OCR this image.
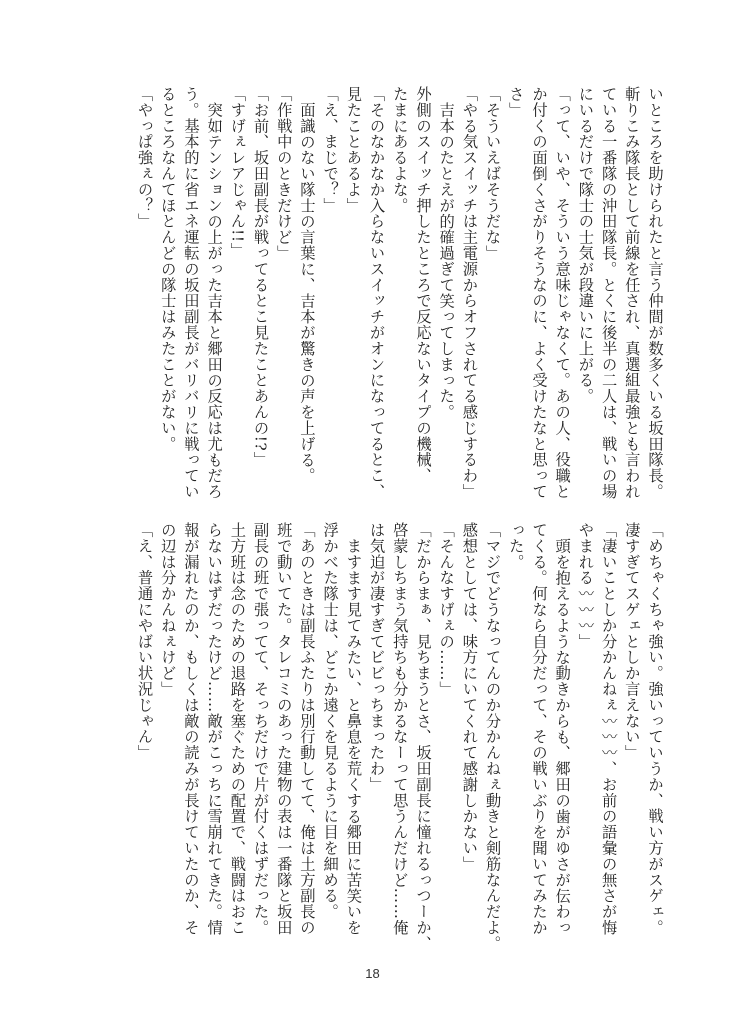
いところを助けられたと言う仲間が数多くいる坂田隊長。
斬りこみ隊長として前線を任され、真選組最強とも言われ
ている一番隊の沖田隊長。とくに後半の二人は、戦いの場
にいるだけで隊士の士気が段違いに上がる。
「って、いや、そういう意味じゃなくて。あの人、役職と
か付くの面倒くさがりそうなのに、よく受けたなと思って
さ」
「そういえばそうだな」
「やる気スイッチは主電源からオフされてる感じするわ」
吉本のたとえが的確過ぎて笑ってしまった。
外側のスイッチ押したところで反応ないタイプの機械、
たまにあるよな。
「そのなかなか入らないスイッチがオンになってるとこ、
見たことあるよ」
「え、まじで？」
面識のない隊士の言葉に、吉本が驚きの声を上げる。
「作戦中のときだけど」
「お前、坂田副長が戦ってるとこ見たことあんの!?」
「すげぇレアじゃん!!」
突如テンションの上がった吉本と郷田の反応は尤もだろ
う。基本的に省エネ運転の坂田副長がバリバリに戦ってい
るところなんてほとんどの隊士はみたことがない。
「やっぱ強ぇの？」
「めちゃくちゃ強い。強いっていうか、戦い方がスゲェ。
凄すぎてスゲェとしか言えない」
「凄いことしか分かんねぇ〰〰〰、お前の語彙の無さが悔
やまれる〰〰〰」
頭を抱えるような動きからも、郷田の歯がゆさが伝わっ
てくる。何なら自分だって、その戦いぶりを聞いてみたか
った。
「マジでどうなってんのか分かんねぇ動きと剣筋なんだよ。
感想としては、味方にいてくれて感謝しかない」
「そんなすげぇの……」
「だからまぁ、見ちまうとさ、坂田副長に憧れるっつーか、
啓蒙しちまう気持ちも分かるなーって思うんだけど……俺
は気迫が凄すぎてビビっちまったわ」
ますます見てみたい、と鼻息を荒くする郷田に苦笑いを
浮かべた隊士は、どこか遠くを見るように目を細める。
「あのときは副長ふたりは別行動してて、俺は土方副長の
班で動いてた。タレコミのあった建物の表は一番隊と坂田
副長の班で張ってて、そっちだけで片が付くはずだった。
土方班は念のための退路を塞ぐための配置で、戦闘はおこ
らないはずだったけど……敵がこっちに雪崩れてきた。情
報が漏れたのか、もしくは敵の読みが長けていたのか、そ
の辺は分かんねぇけど」
「え、普通にやばい状況じゃん」
18
